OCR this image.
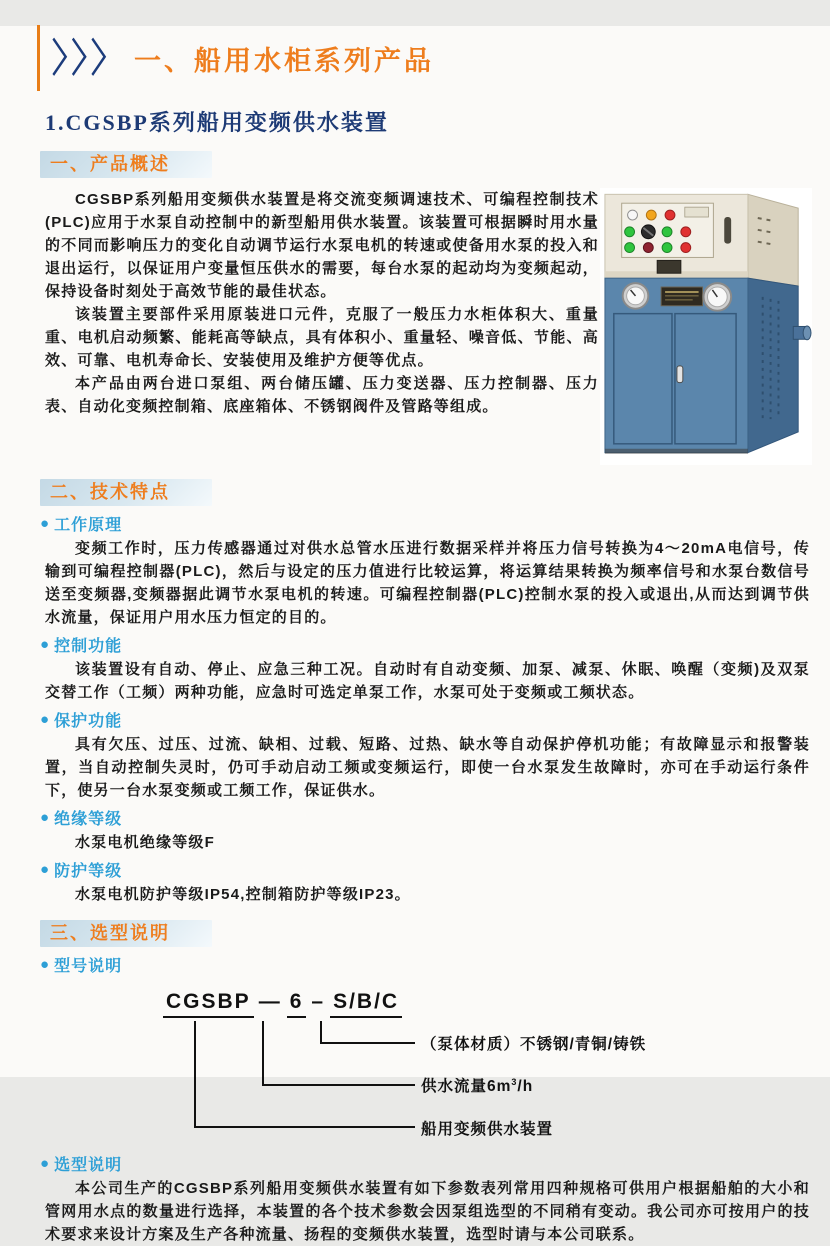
〉〉〉 一、船用水柜系列产品
1.CGSBP系列船用变频供水装置
一、产品概述

CGSBP系列船用变频供水装置是将交流变频调速技术、可编程控制技术(PLC)应用于水泵自动控制中的新型船用供水装置。该装置可根据瞬时用水量的不同而影响压力的变化自动调节运行水泵电机的转速或使备用水泵的投入和退出运行，以保证用户变量恒压供水的需要，每台水泵的起动均为变频起动，保持设备时刻处于高效节能的最佳状态。

该装置主要部件采用原装进口元件，克服了一般压力水柜体积大、重量重、电机启动频繁、能耗高等缺点，具有体积小、重量轻、噪音低、节能、高效、可靠、电机寿命长、安装使用及维护方便等优点。

本产品由两台进口泵组、两台储压罐、压力变送器、压力控制器、压力表、自动化变频控制箱、底座箱体、不锈钢阀件及管路等组成。

二、技术特点
● 工作原理

变频工作时，压力传感器通过对供水总管水压进行数据采样并将压力信号转换为4～20mA电信号，传输到可编程控制器(PLC)，然后与设定的压力值进行比较运算，将运算结果转换为频率信号和水泵台数信号送至变频器,变频器据此调节水泵电机的转速。可编程控制器(PLC)控制水泵的投入或退出,从而达到调节供水流量，保证用户用水压力恒定的目的。

● 控制功能

该装置设有自动、停止、应急三种工况。自动时有自动变频、加泵、减泵、休眠、唤醒（变频)及双泵交替工作（工频）两种功能，应急时可选定单泵工作，水泵可处于变频或工频状态。

● 保护功能

具有欠压、过压、过流、缺相、过载、短路、过热、缺水等自动保护停机功能；有故障显示和报警装置，当自动控制失灵时，仍可手动启动工频或变频运行，即使一台水泵发生故障时，亦可在手动运行条件下，使另一台水泵变频或工频工作，保证供水。

● 绝缘等级

水泵电机绝缘等级F

● 防护等级

水泵电机防护等级IP54,控制箱防护等级IP23。

三、选型说明
● 型号说明
CGSBP — 6 – S/B/C
（泵体材质）不锈钢/青铜/铸铁
供水流量$6m^3/h$
船用变频供水装置
● 选型说明

本公司生产的CGSBP系列船用变频供水装置有如下参数表列常用四种规格可供用户根据船舶的大小和管网用水点的数量进行选择，本装置的各个技术参数会因泵组选型的不同稍有变动。我公司亦可按用户的技术要求来设计方案及生产各种流量、扬程的变频供水装置，选型时请与本公司联系。
